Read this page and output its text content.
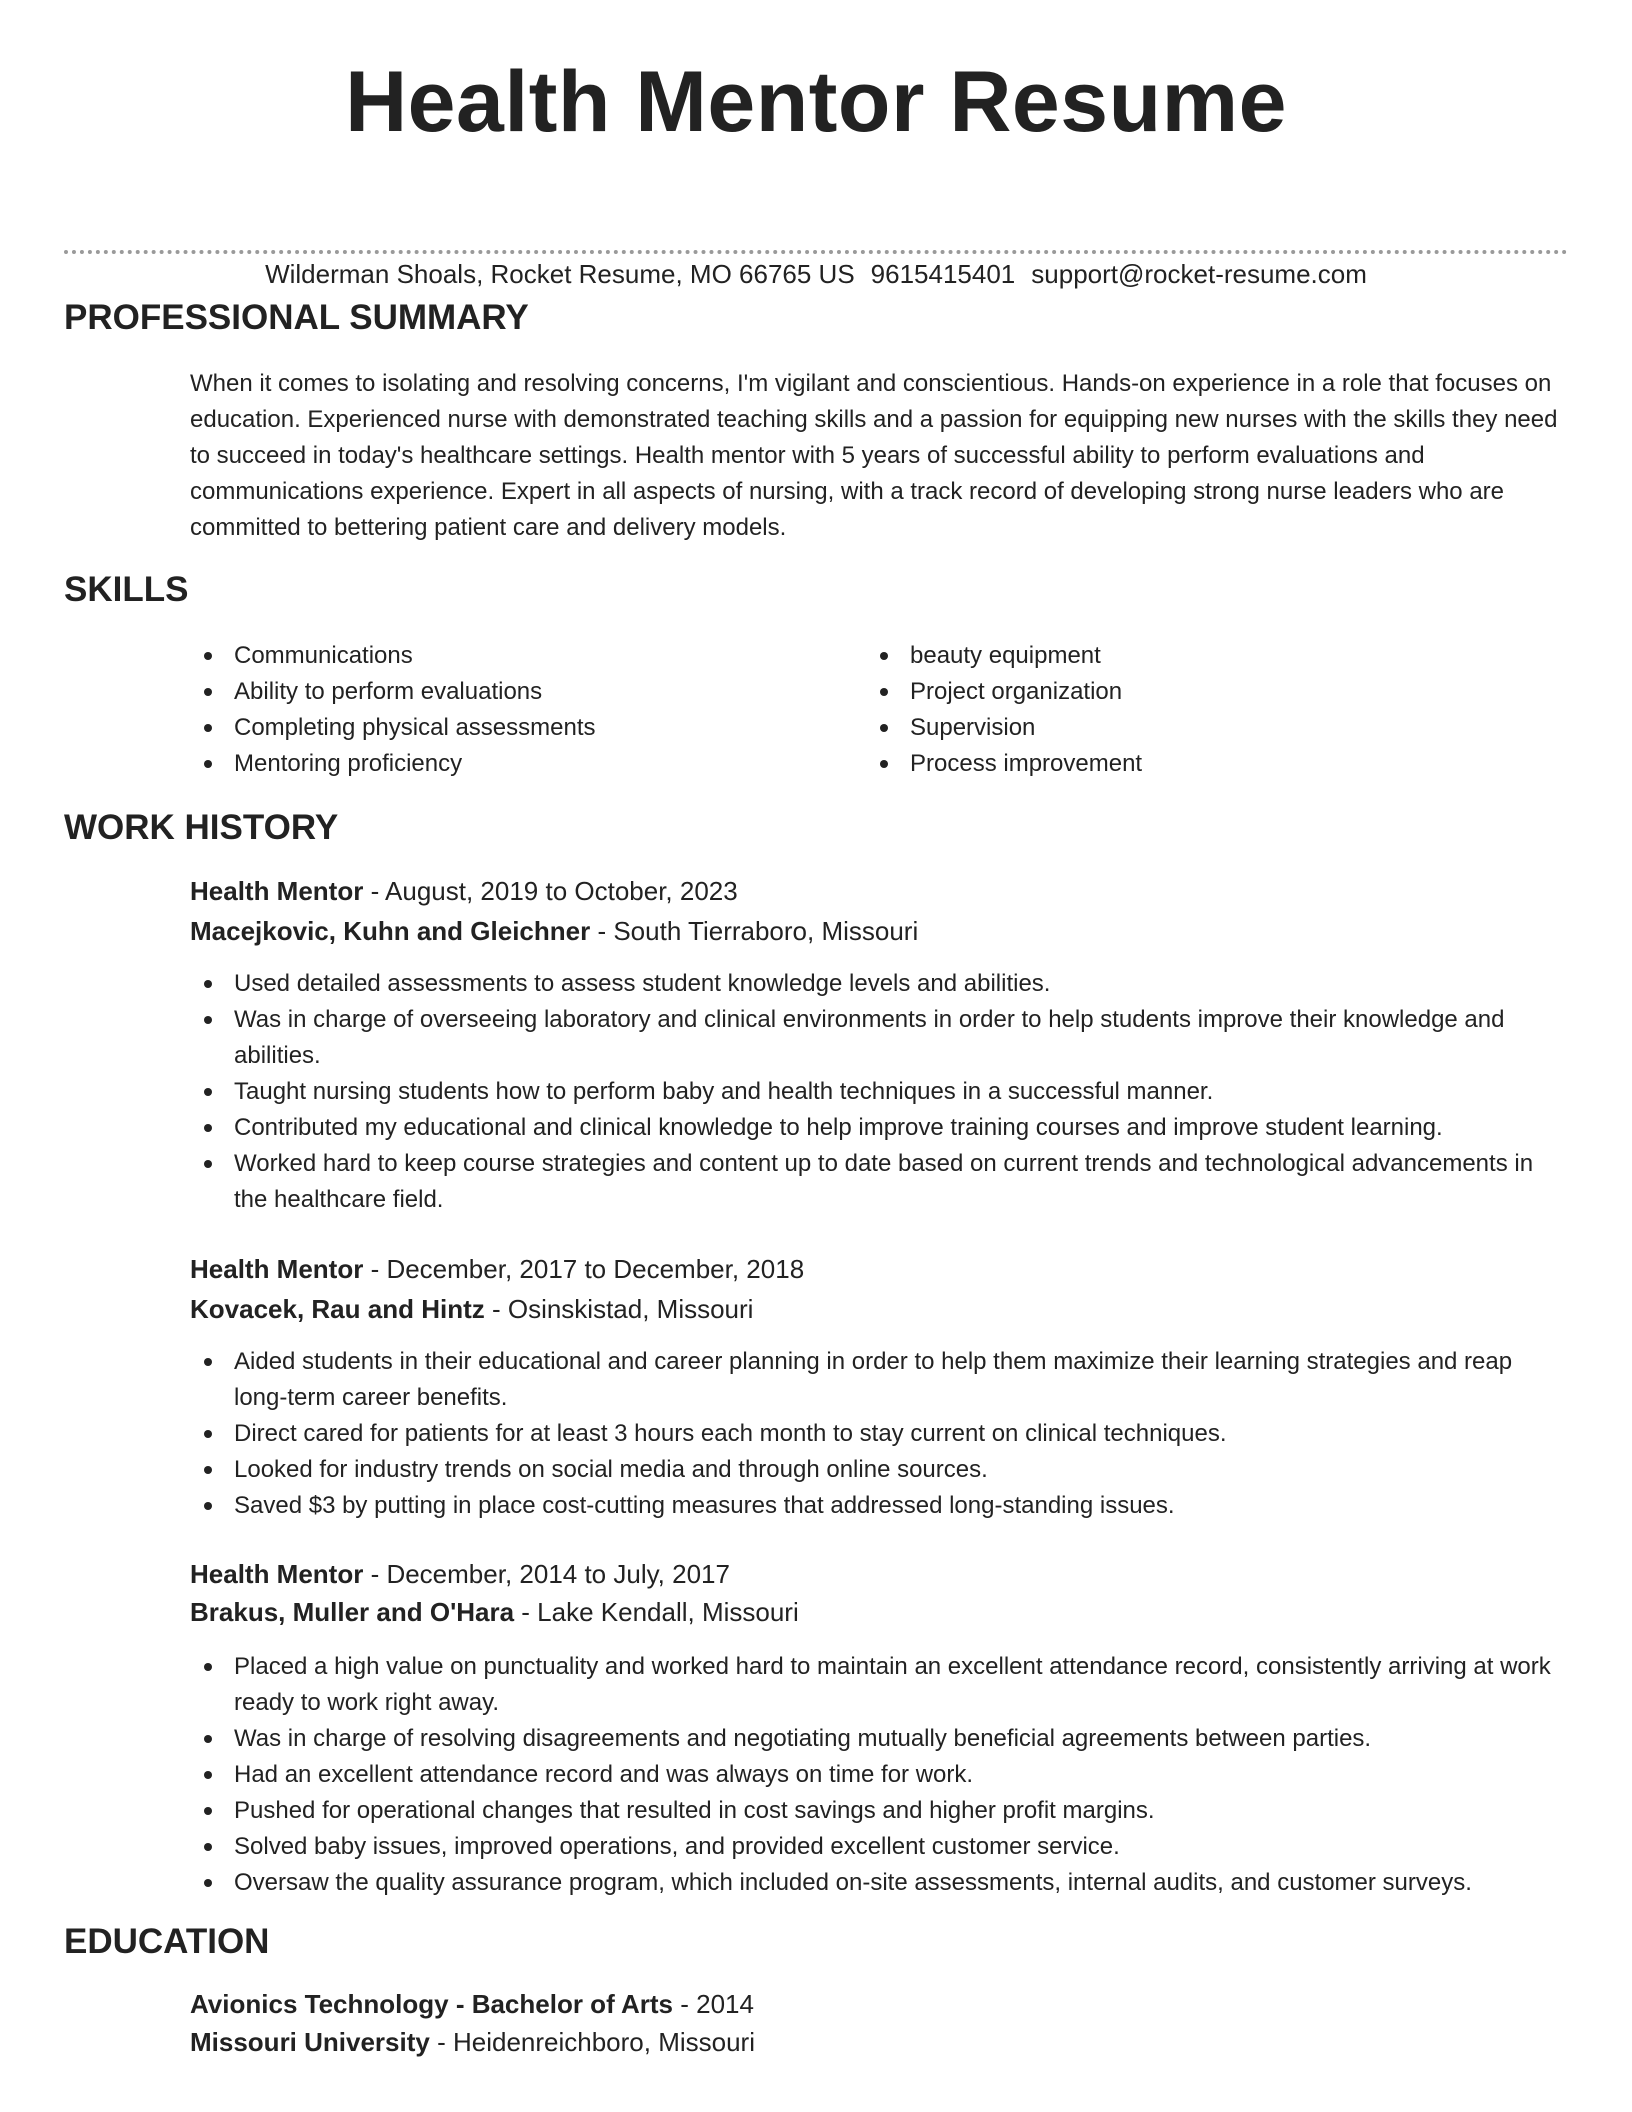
Health Mentor Resume
Wilderman Shoals, Rocket Resume, MO 66765 US 9615415401 support@rocket-resume.com
PROFESSIONAL SUMMARY

When it comes to isolating and resolving concerns, I'm vigilant and conscientious. Hands-on experience in a role that focuses on education. Experienced nurse with demonstrated teaching skills and a passion for equipping new nurses with the skills they need to succeed in today's healthcare settings. Health mentor with 5 years of successful ability to perform evaluations and communications experience. Expert in all aspects of nursing, with a track record of developing strong nurse leaders who are committed to bettering patient care and delivery models.

SKILLS
Communications
Ability to perform evaluations
Completing physical assessments
Mentoring proficiency
beauty equipment
Project organization
Supervision
Process improvement
WORK HISTORY
Health Mentor - August, 2019 to October, 2023
Macejkovic, Kuhn and Gleichner - South Tierraboro, Missouri
Used detailed assessments to assess student knowledge levels and abilities.
Was in charge of overseeing laboratory and clinical environments in order to help students improve their knowledge and abilities.
Taught nursing students how to perform baby and health techniques in a successful manner.
Contributed my educational and clinical knowledge to help improve training courses and improve student learning.
Worked hard to keep course strategies and content up to date based on current trends and technological advancements in the healthcare field.
Health Mentor - December, 2017 to December, 2018
Kovacek, Rau and Hintz - Osinskistad, Missouri
Aided students in their educational and career planning in order to help them maximize their learning strategies and reap long-term career benefits.
Direct cared for patients for at least 3 hours each month to stay current on clinical techniques.
Looked for industry trends on social media and through online sources.
Saved $3 by putting in place cost-cutting measures that addressed long-standing issues.
Health Mentor - December, 2014 to July, 2017
Brakus, Muller and O'Hara - Lake Kendall, Missouri
Placed a high value on punctuality and worked hard to maintain an excellent attendance record, consistently arriving at work ready to work right away.
Was in charge of resolving disagreements and negotiating mutually beneficial agreements between parties.
Had an excellent attendance record and was always on time for work.
Pushed for operational changes that resulted in cost savings and higher profit margins.
Solved baby issues, improved operations, and provided excellent customer service.
Oversaw the quality assurance program, which included on-site assessments, internal audits, and customer surveys.
EDUCATION
Avionics Technology - Bachelor of Arts - 2014
Missouri University - Heidenreichboro, Missouri
